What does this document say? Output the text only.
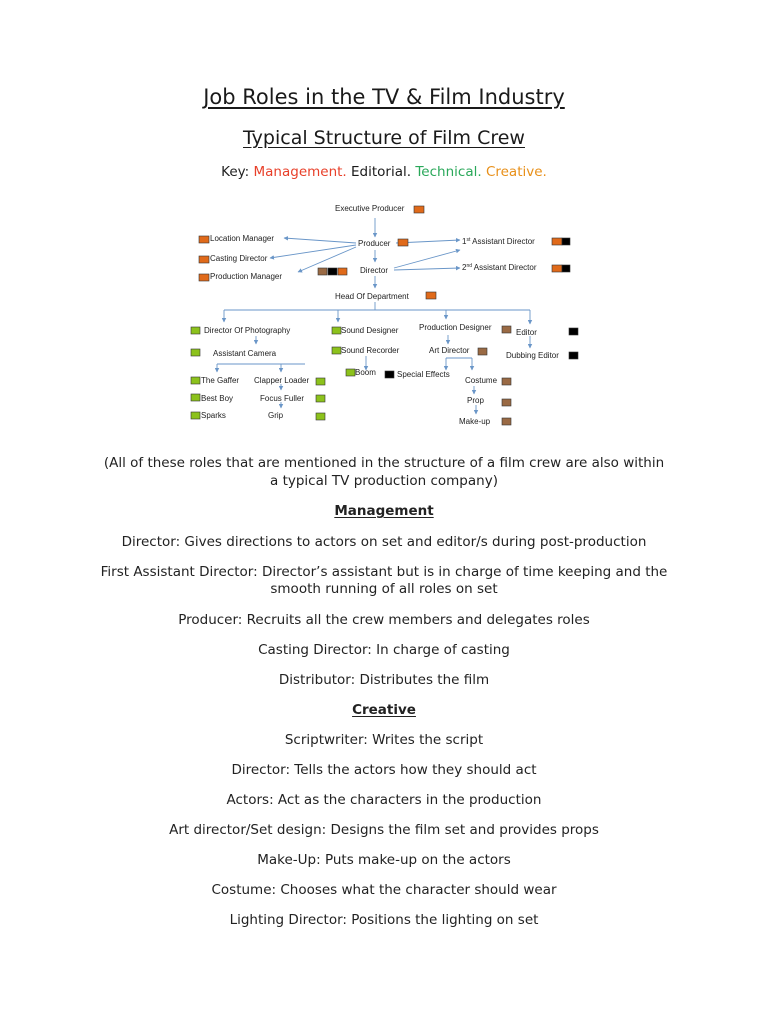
Job Roles in the TV & Film Industry
Typical Structure of Film Crew
Key: Management. Editorial. Technical. Creative.
Executive Producer
Producer
Location Manager
Casting Director
Production Manager
Director
1st Assistant Director
2nd Assistant Director
Head Of Department
Director Of Photography
Assistant Camera
The Gaffer
Best Boy
Sparks
Clapper Loader
Focus Fuller
Grip
Sound Designer
Sound Recorder
Boom	Special Effects
Production Designer
Art Director
Costume
Prop
Make-up
Editor
Dubbing Editor
(All of these roles that are mentioned in the structure of a film crew are also within a typical TV production company)
Management
Director: Gives directions to actors on set and editor/s during post-production
First Assistant Director: Director’s assistant but is in charge of time keeping and the smooth running of all roles on set
Producer: Recruits all the crew members and delegates roles
Casting Director: In charge of casting
Distributor: Distributes the film
Creative
Scriptwriter: Writes the script
Director: Tells the actors how they should act
Actors: Act as the characters in the production
Art director/Set design: Designs the film set and provides props
Make-Up: Puts make-up on the actors
Costume: Chooses what the character should wear
Lighting Director: Positions the lighting on set
